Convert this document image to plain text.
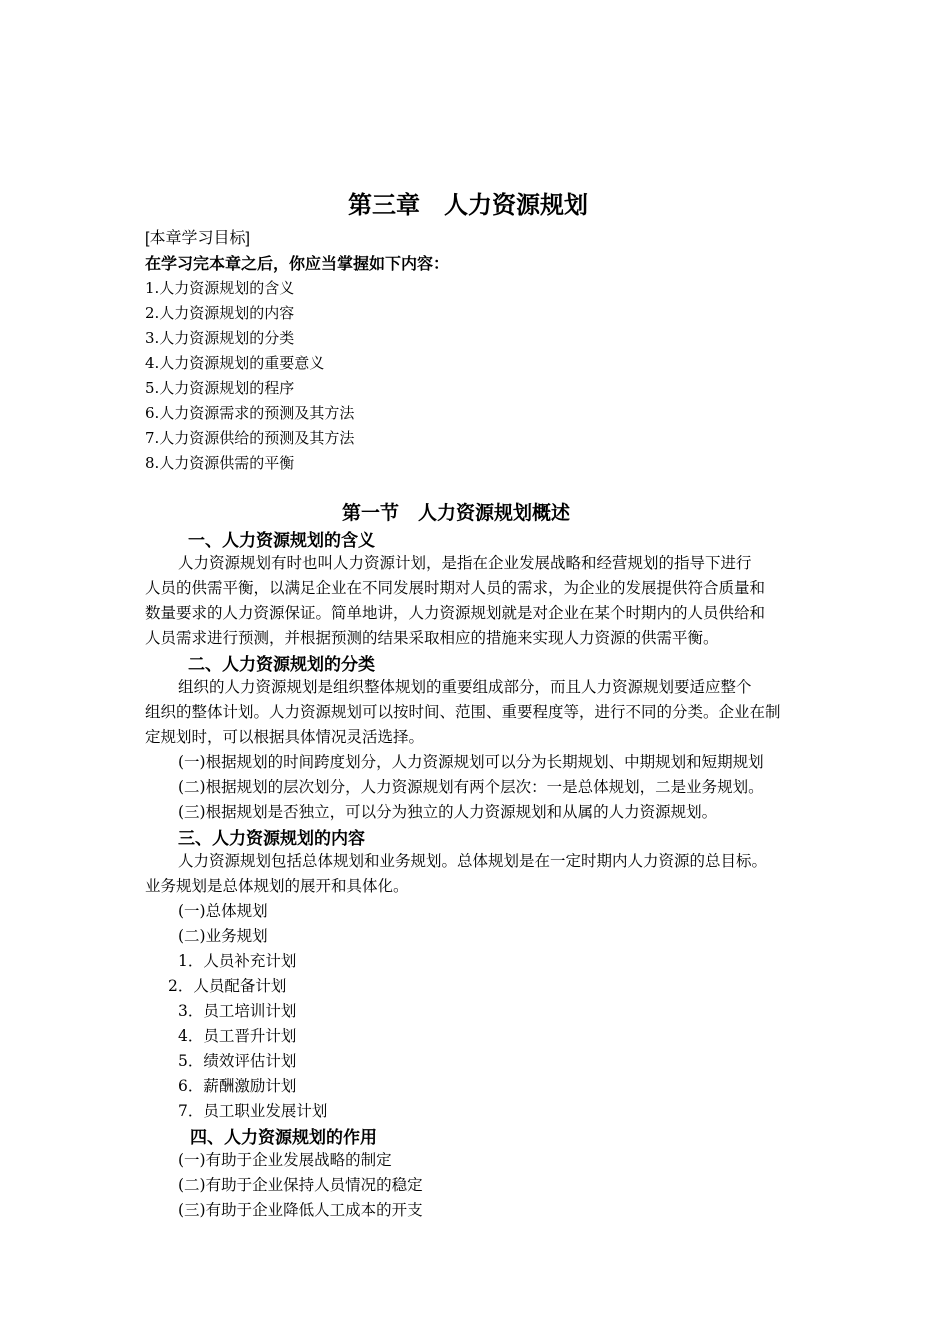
第三章　人力资源规划
[本章学习目标]
在学习完本章之后，你应当掌握如下内容：
1.人力资源规划的含义
2.人力资源规划的内容
3.人力资源规划的分类
4.人力资源规划的重要意义
5.人力资源规划的程序
6.人力资源需求的预测及其方法
7.人力资源供给的预测及其方法
8.人力资源供需的平衡
第一节　人力资源规划概述
一、人力资源规划的含义
人力资源规划有时也叫人力资源计划，是指在企业发展战略和经营规划的指导下进行
人员的供需平衡，以满足企业在不同发展时期对人员的需求，为企业的发展提供符合质量和
数量要求的人力资源保证。简单地讲，人力资源规划就是对企业在某个时期内的人员供给和
人员需求进行预测，并根据预测的结果采取相应的措施来实现人力资源的供需平衡。
二、人力资源规划的分类
组织的人力资源规划是组织整体规划的重要组成部分，而且人力资源规划要适应整个
组织的整体计划。人力资源规划可以按时间、范围、重要程度等，进行不同的分类。企业在制
定规划时，可以根据具体情况灵活选择。
(一)根据规划的时间跨度划分，人力资源规划可以分为长期规划、中期规划和短期规划
(二)根据规划的层次划分，人力资源规划有两个层次：一是总体规划，二是业务规划。
(三)根据规划是否独立，可以分为独立的人力资源规划和从属的人力资源规划。
三、人力资源规划的内容
人力资源规划包括总体规划和业务规划。总体规划是在一定时期内人力资源的总目标。
业务规划是总体规划的展开和具体化。
(一)总体规划
(二)业务规划
1．人员补充计划
2．人员配备计划
3．员工培训计划
4．员工晋升计划
5．绩效评估计划
6．薪酬激励计划
7．员工职业发展计划
四、人力资源规划的作用
(一)有助于企业发展战略的制定
(二)有助于企业保持人员情况的稳定
(三)有助于企业降低人工成本的开支
